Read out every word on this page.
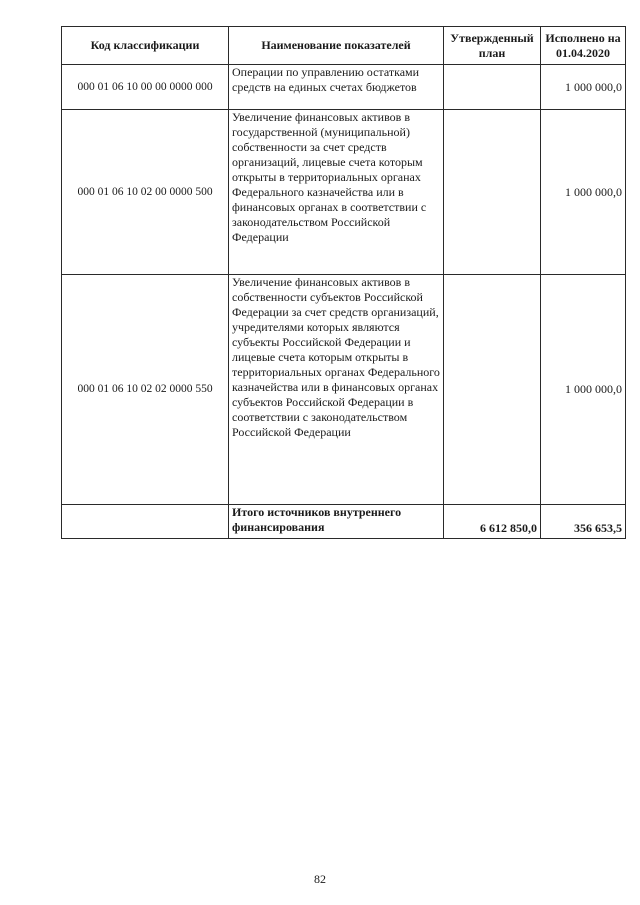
Код классификации	Наименование показателей	Утвержденный план	Исполнено на 01.04.2020
000 01 06 10 00 00 0000 000	Операции по управлению остатками средств на единых счетах бюджетов		1 000 000,0
000 01 06 10 02 00 0000 500	Увеличение финансовых активов в государственной (муниципальной) собственности за счет средств организаций, лицевые счета которым открыты в территориальных органах Федерального казначейства или в финансовых органах в соответствии с законодательством Российской Федерации		1 000 000,0
000 01 06 10 02 02 0000 550	Увеличение финансовых активов в собственности субъектов Российской Федерации за счет средств организаций, учредителями которых являются субъекты Российской Федерации и лицевые счета которым открыты в территориальных органах Федерального казначейства или в финансовых органах субъектов Российской Федерации в соответствии с законодательством Российской Федерации		1 000 000,0
	Итого источников внутреннего финансирования	6 612 850,0	356 653,5
82
